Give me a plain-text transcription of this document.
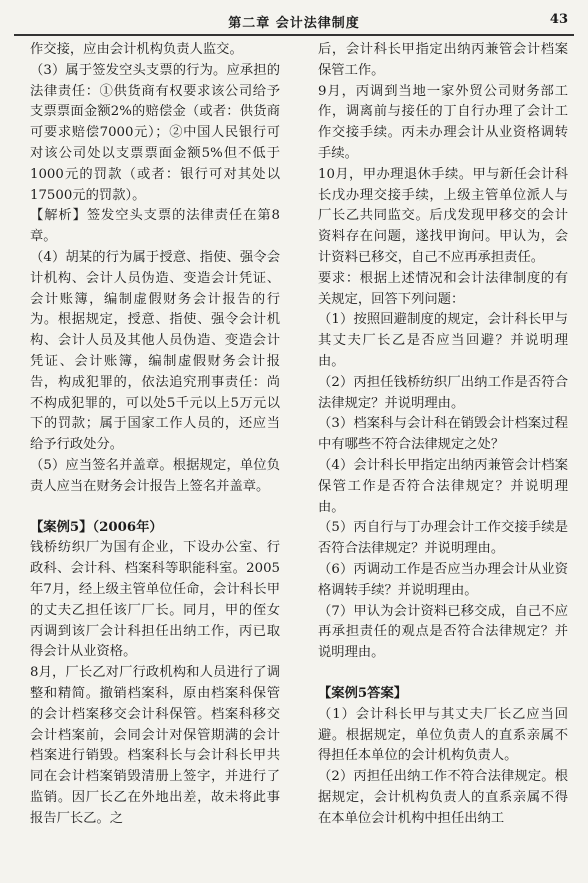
第二章 会计法律制度	43

作交接，应由会计机构负责人监交。

（3）属于签发空头支票的行为。应承担的法律责任：①供货商有权要求该公司给予支票票面金额2%的赔偿金（或者：供货商可要求赔偿7000元）；②中国人民银行可对该公司处以支票票面金额5%但不低于1000元的罚款（或者：银行可对其处以17500元的罚款）。

【解析】签发空头支票的法律责任在第8章。

（4）胡某的行为属于授意、指使、强令会计机构、会计人员伪造、变造会计凭证、会计账簿，编制虚假财务会计报告的行为。根据规定，授意、指使、强令会计机构、会计人员及其他人员伪造、变造会计凭证、会计账簿，编制虚假财务会计报告，构成犯罪的，依法追究刑事责任：尚不构成犯罪的，可以处5千元以上5万元以下的罚款；属于国家工作人员的，还应当给予行政处分。

（5）应当签名并盖章。根据规定，单位负责人应当在财务会计报告上签名并盖章。

【案例5】（2006年）

钱桥纺织厂为国有企业，下设办公室、行政科、会计科、档案科等职能科室。2005年7月，经上级主管单位任命，会计科长甲的丈夫乙担任该厂厂长。同月，甲的侄女丙调到该厂会计科担任出纳工作，丙已取得会计从业资格。

8月，厂长乙对厂行政机构和人员进行了调整和精简。撤销档案科，原由档案科保管的会计档案移交会计科保管。档案科移交会计档案前，会同会计对保管期满的会计档案进行销毁。档案科长与会计科长甲共同在会计档案销毁清册上签字，并进行了监销。因厂长乙在外地出差，故未将此事报告厂长乙。之

后，会计科长甲指定出纳丙兼管会计档案保管工作。

9月，丙调到当地一家外贸公司财务部工作，调离前与接任的丁自行办理了会计工作交接手续。丙未办理会计从业资格调转手续。

10月，甲办理退休手续。甲与新任会计科长戊办理交接手续，上级主管单位派人与厂长乙共同监交。后戊发现甲移交的会计资料存在问题，遂找甲询问。甲认为，会计资料已移交，自己不应再承担责任。

要求：根据上述情况和会计法律制度的有关规定，回答下列问题：

（1）按照回避制度的规定，会计科长甲与其丈夫厂长乙是否应当回避？并说明理由。

（2）丙担任钱桥纺织厂出纳工作是否符合法律规定？并说明理由。

（3）档案科与会计科在销毁会计档案过程中有哪些不符合法律规定之处？

（4）会计科长甲指定出纳丙兼管会计档案保管工作是否符合法律规定？并说明理由。

（5）丙自行与丁办理会计工作交接手续是否符合法律规定？并说明理由。

（6）丙调动工作是否应当办理会计从业资格调转手续？并说明理由。

（7）甲认为会计资料已移交成，自己不应再承担责任的观点是否符合法律规定？并说明理由。

【案例5答案】

（1）会计科长甲与其丈夫厂长乙应当回避。根据规定，单位负责人的直系亲属不得担任本单位的会计机构负责人。

（2）丙担任出纳工作不符合法律规定。根据规定，会计机构负责人的直系亲属不得在本单位会计机构中担任出纳工
